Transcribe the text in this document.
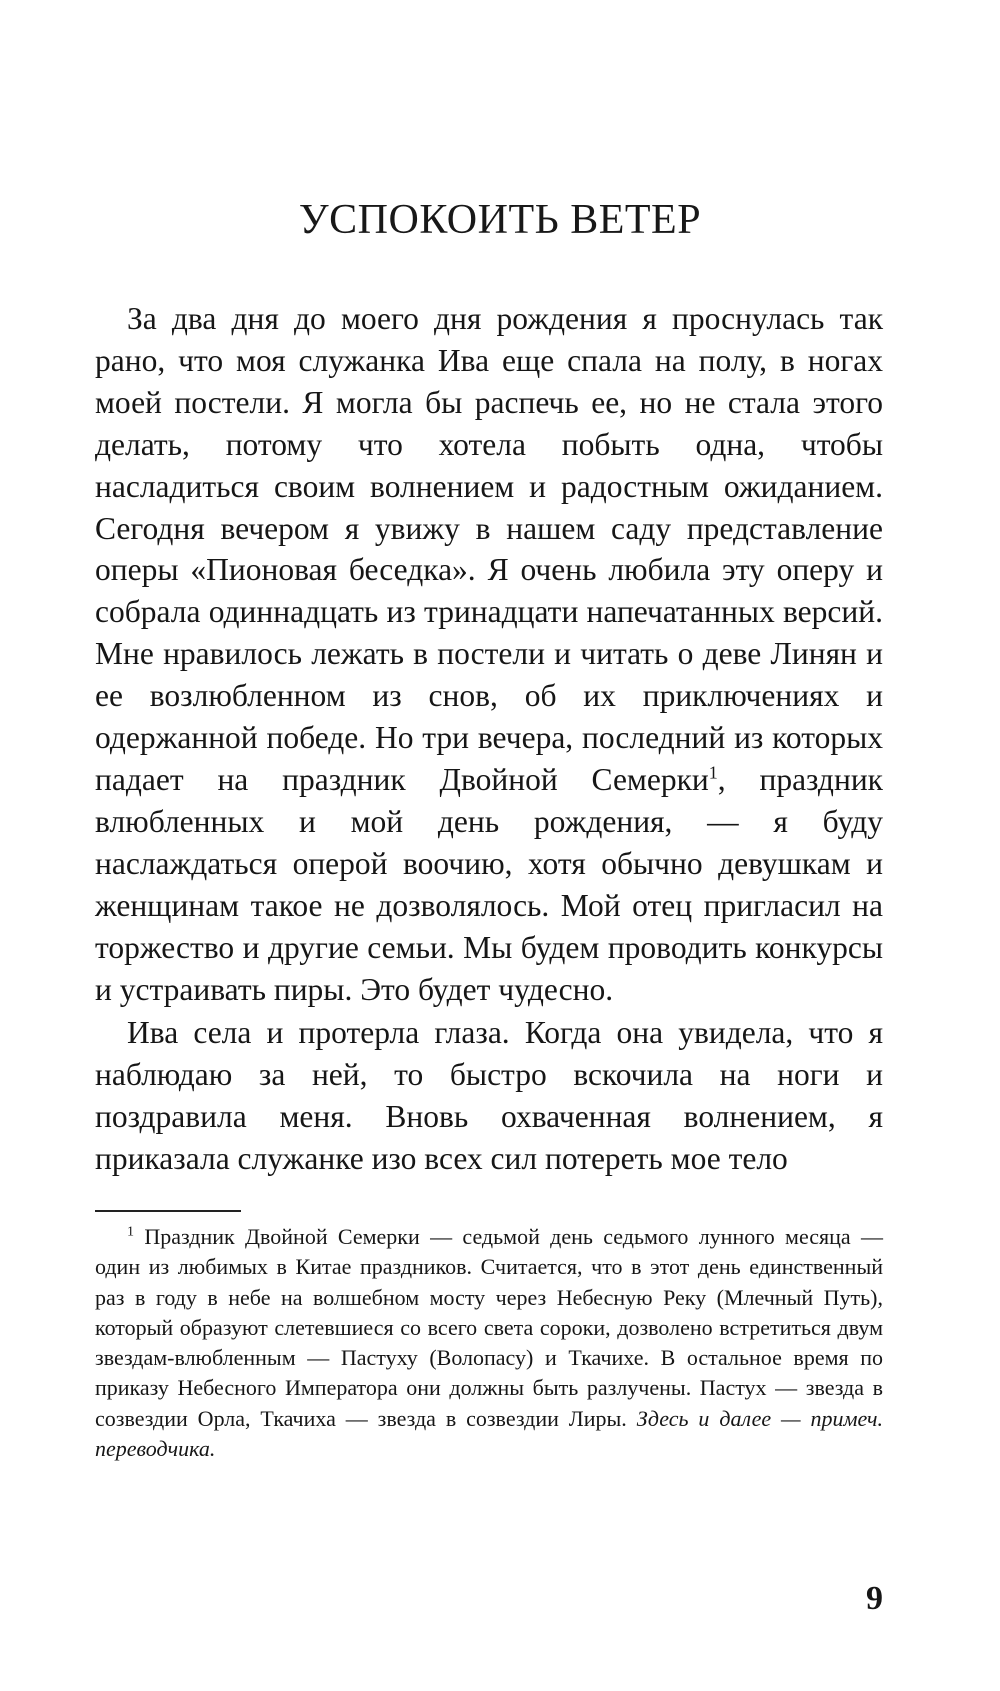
УСПОКОИТЬ ВЕТЕР

За два дня до моего дня рождения я проснулась так рано, что моя служанка Ива еще спала на полу, в ногах моей постели. Я могла бы распечь ее, но не стала этого делать, потому что хотела побыть одна, чтобы насладиться своим волнением и радостным ожиданием. Сегодня вечером я увижу в нашем саду представление оперы «Пионовая беседка». Я очень любила эту оперу и собрала одиннадцать из тринадцати напечатанных версий. Мне нравилось лежать в постели и читать о деве Линян и ее возлюбленном из снов, об их приключениях и одержанной победе. Но три вечера, последний из которых падает на праздник Двойной Семерки$^1$, праздник влюбленных и мой день рождения, — я буду наслаждаться оперой воочию, хотя обычно девушкам и женщинам такое не дозволялось. Мой отец пригласил на торжество и другие семьи. Мы будем проводить конкурсы и устраивать пиры. Это будет чудесно.

Ива села и протерла глаза. Когда она увидела, что я наблюдаю за ней, то быстро вскочила на ноги и поздравила меня. Вновь охваченная волнением, я приказала служанке изо всех сил потереть мое тело

$^1$ Праздник Двойной Семерки — седьмой день седьмого лунного месяца — один из любимых в Китае праздников. Считается, что в этот день единственный раз в году в небе на волшебном мосту через Небесную Реку (Млечный Путь), который образуют слетевшиеся со всего света сороки, дозволено встретиться двум звездам-влюбленным — Пастуху (Волопасу) и Ткачихе. В остальное время по приказу Небесного Императора они должны быть разлучены. Пастух — звезда в созвездии Орла, Ткачиха — звезда в созвездии Лиры. Здесь и далее — примеч. переводчика.

9
